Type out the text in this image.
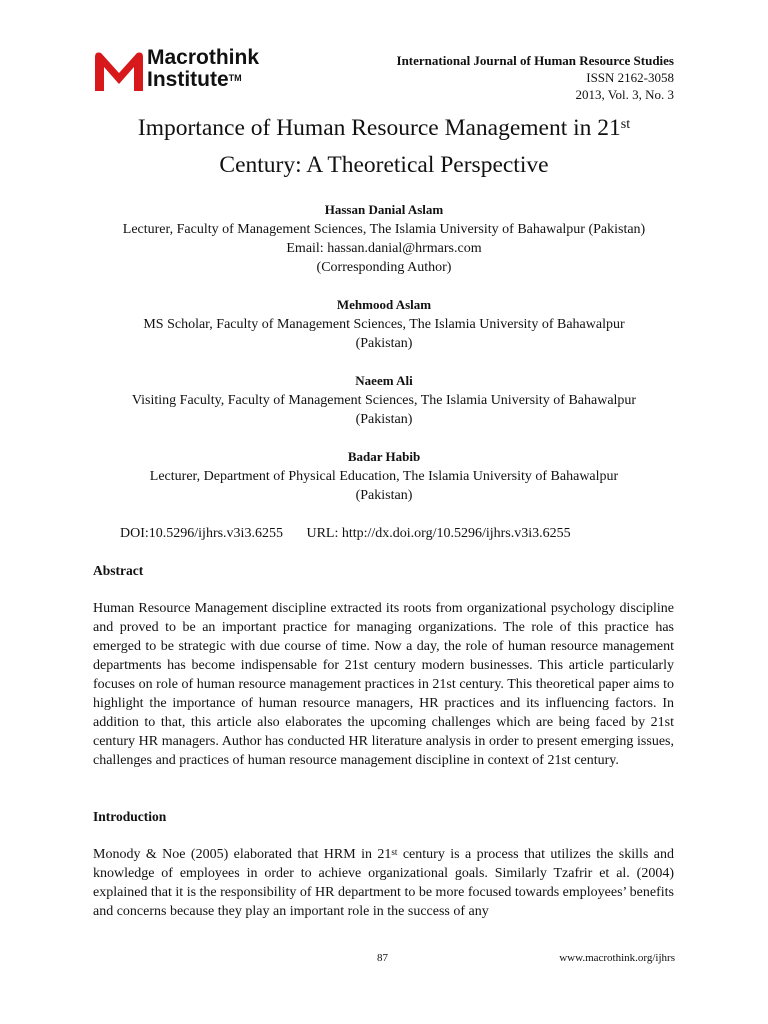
Macrothink
Institute™
International Journal of Human Resource Studies
ISSN 2162-3058
2013, Vol. 3, No. 3
Importance of Human Resource Management in 21st
Century: A Theoretical Perspective
Hassan Danial Aslam
Lecturer, Faculty of Management Sciences, The Islamia University of Bahawalpur (Pakistan)
Email: hassan.danial@hrmars.com
(Corresponding Author)
Mehmood Aslam
MS Scholar, Faculty of Management Sciences, The Islamia University of Bahawalpur
(Pakistan)
Naeem Ali
Visiting Faculty, Faculty of Management Sciences, The Islamia University of Bahawalpur
(Pakistan)
Badar Habib
Lecturer, Department of Physical Education, The Islamia University of Bahawalpur
(Pakistan)
DOI:10.5296/ijhrs.v3i3.6255 URL: http://dx.doi.org/10.5296/ijhrs.v3i3.6255
Abstract
Human Resource Management discipline extracted its roots from organizational psychology discipline and proved to be an important practice for managing organizations. The role of this practice has emerged to be strategic with due course of time. Now a day, the role of human resource management departments has become indispensable for 21st century modern businesses. This article particularly focuses on role of human resource management practices in 21st century. This theoretical paper aims to highlight the importance of human resource managers, HR practices and its influencing factors. In addition to that, this article also elaborates the upcoming challenges which are being faced by 21st century HR managers. Author has conducted HR literature analysis in order to present emerging issues, challenges and practices of human resource management discipline in context of 21st century.
Introduction
Monody & Noe (2005) elaborated that HRM in 21st century is a process that utilizes the skills and knowledge of employees in order to achieve organizational goals. Similarly Tzafrir et al. (2004) explained that it is the responsibility of HR department to be more focused towards employees’ benefits and concerns because they play an important role in the success of any
87	www.macrothink.org/ijhrs
